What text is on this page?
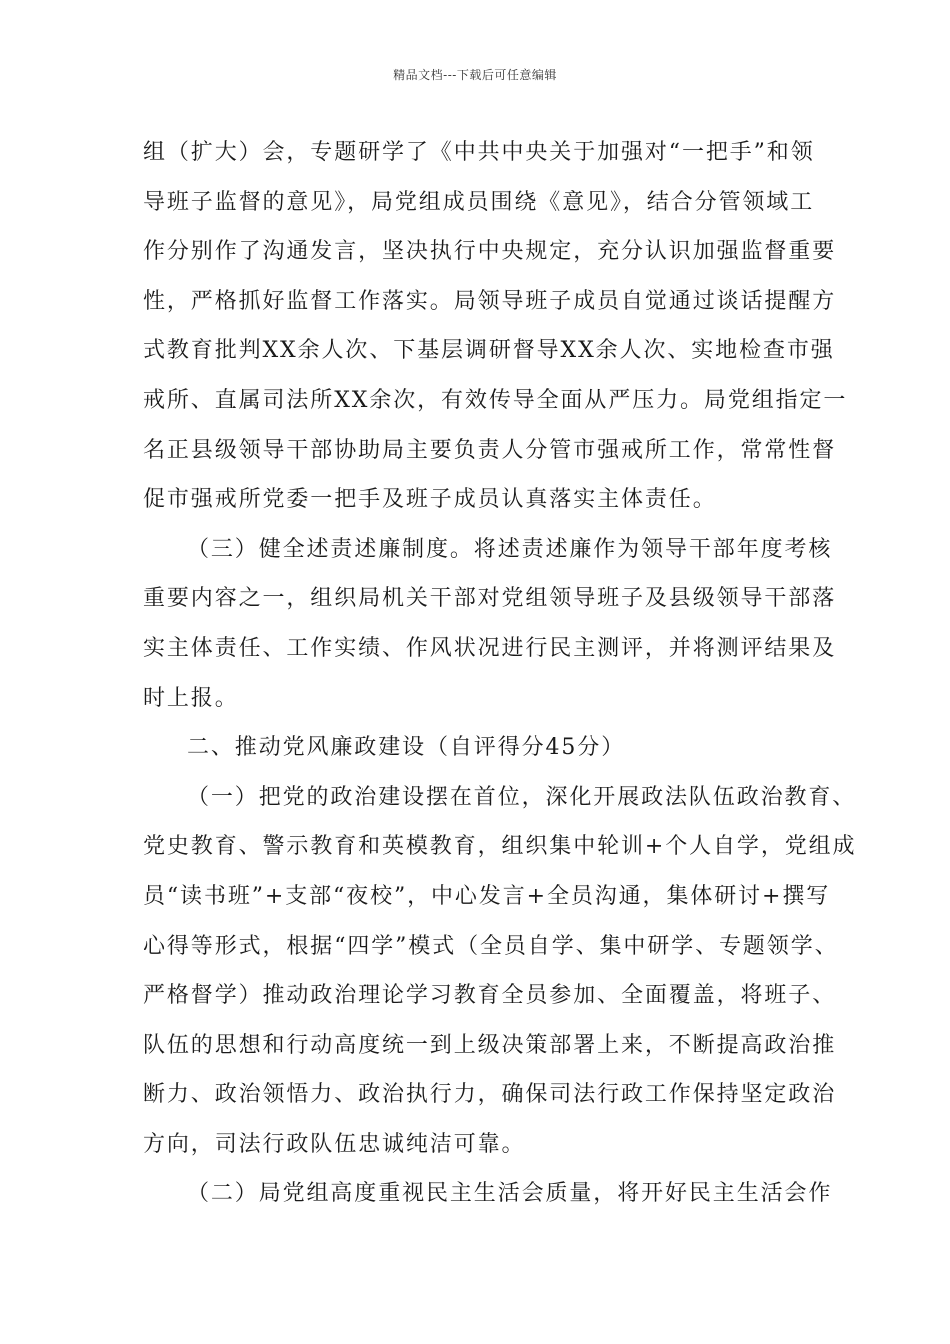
精品文档---下载后可任意编辑
组（扩大）会，专题研学了《中共中央关于加强对“一把手”和领
导班子监督的意见》，局党组成员围绕《意见》，结合分管领域工
作分别作了沟通发言，坚决执行中央规定，充分认识加强监督重要
性，严格抓好监督工作落实。局领导班子成员自觉通过谈话提醒方
式教育批判XX余人次、下基层调研督导XX余人次、实地检查市强
戒所、直属司法所XX余次，有效传导全面从严压力。局党组指定一
名正县级领导干部协助局主要负责人分管市强戒所工作，常常性督
促市强戒所党委一把手及班子成员认真落实主体责任。
（三）健全述责述廉制度。将述责述廉作为领导干部年度考核
重要内容之一，组织局机关干部对党组领导班子及县级领导干部落
实主体责任、工作实绩、作风状况进行民主测评，并将测评结果及
时上报。
二、推动党风廉政建设（自评得分45分）
（一）把党的政治建设摆在首位，深化开展政法队伍政治教育、
党史教育、警示教育和英模教育，组织集中轮训+个人自学，党组成
员“读书班”+支部“夜校”，中心发言+全员沟通，集体研讨+撰写
心得等形式，根据“四学”模式（全员自学、集中研学、专题领学、
严格督学）推动政治理论学习教育全员参加、全面覆盖，将班子、
队伍的思想和行动高度统一到上级决策部署上来，不断提高政治推
断力、政治领悟力、政治执行力，确保司法行政工作保持坚定政治
方向，司法行政队伍忠诚纯洁可靠。
（二）局党组高度重视民主生活会质量，将开好民主生活会作
